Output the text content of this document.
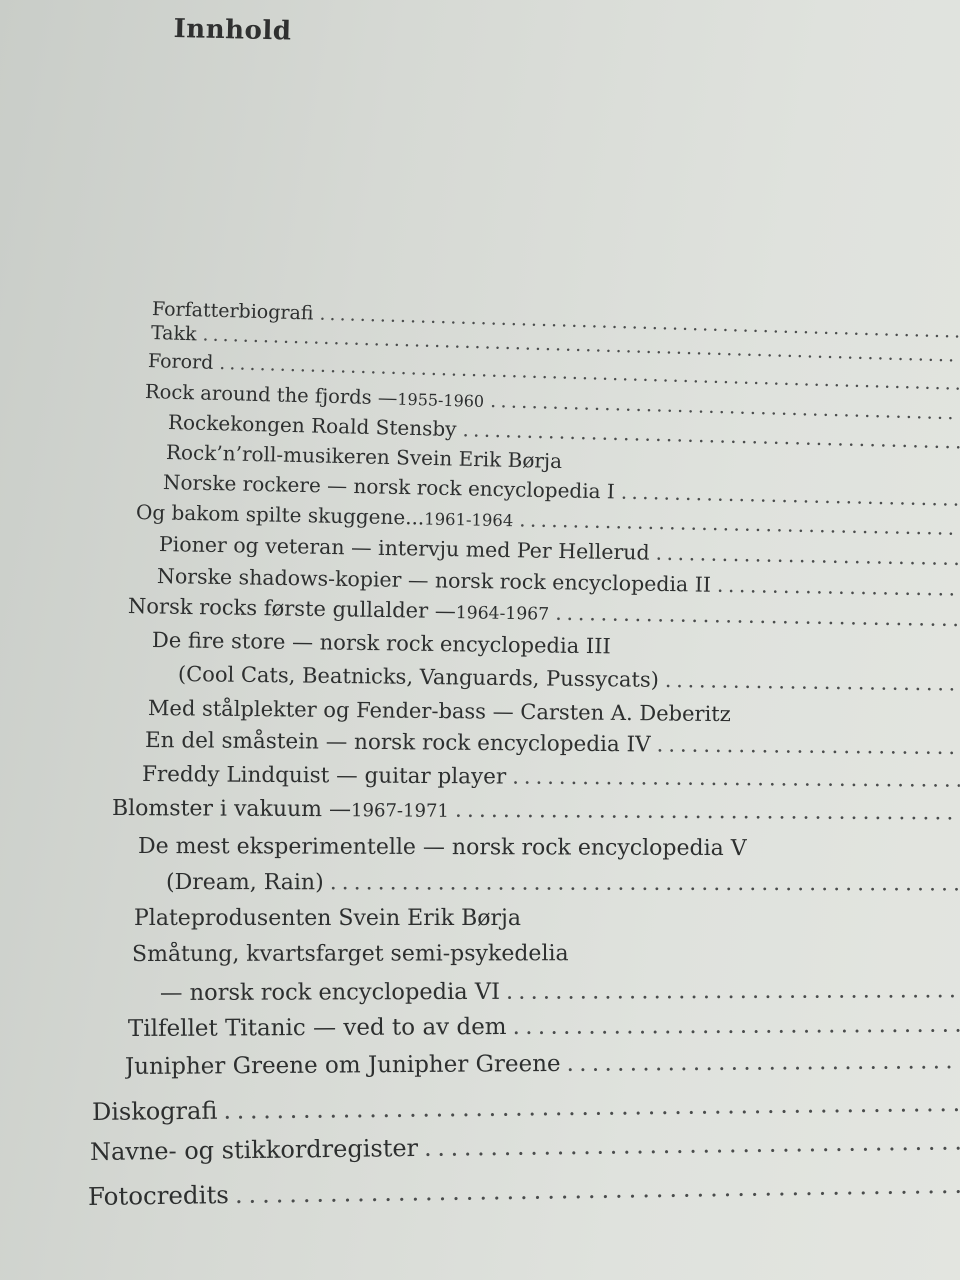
Innhold
Forfatterbiografi
. . .
Takk
. . .
Forord
. . .
Rock around the fjords — 1955-1960
. . .
Rockekongen Roald Stensby
. . .
Rock’n’roll-musikeren Svein Erik Børja
Norske rockere — norsk rock encyclopedia I
. . .
Og bakom spilte skuggene... 1961-1964
. . .
Pioner og veteran — intervju med Per Hellerud
. . .
Norske shadows-kopier — norsk rock encyclopedia II
. . .
Norsk rocks første gullalder — 1964-1967
. . .
De fire store — norsk rock encyclopedia III
(Cool Cats, Beatnicks, Vanguards, Pussycats)
. . .
Med stålplekter og Fender-bass — Carsten A. Deberitz
En del småstein — norsk rock encyclopedia IV
. . .
Freddy Lindquist — guitar player
. . .
Blomster i vakuum — 1967-1971
. . .
De mest eksperimentelle — norsk rock encyclopedia V
(Dream, Rain)
. . .
Plateprodusenten Svein Erik Børja
Småtung, kvartsfarget semi-psykedelia
— norsk rock encyclopedia VI
. . .
Tilfellet Titanic — ved to av dem
. . .
Junipher Greene om Junipher Greene
. . .
Diskografi
. . .
Navne- og stikkordregister
. . .
Fotocredits
. . .
